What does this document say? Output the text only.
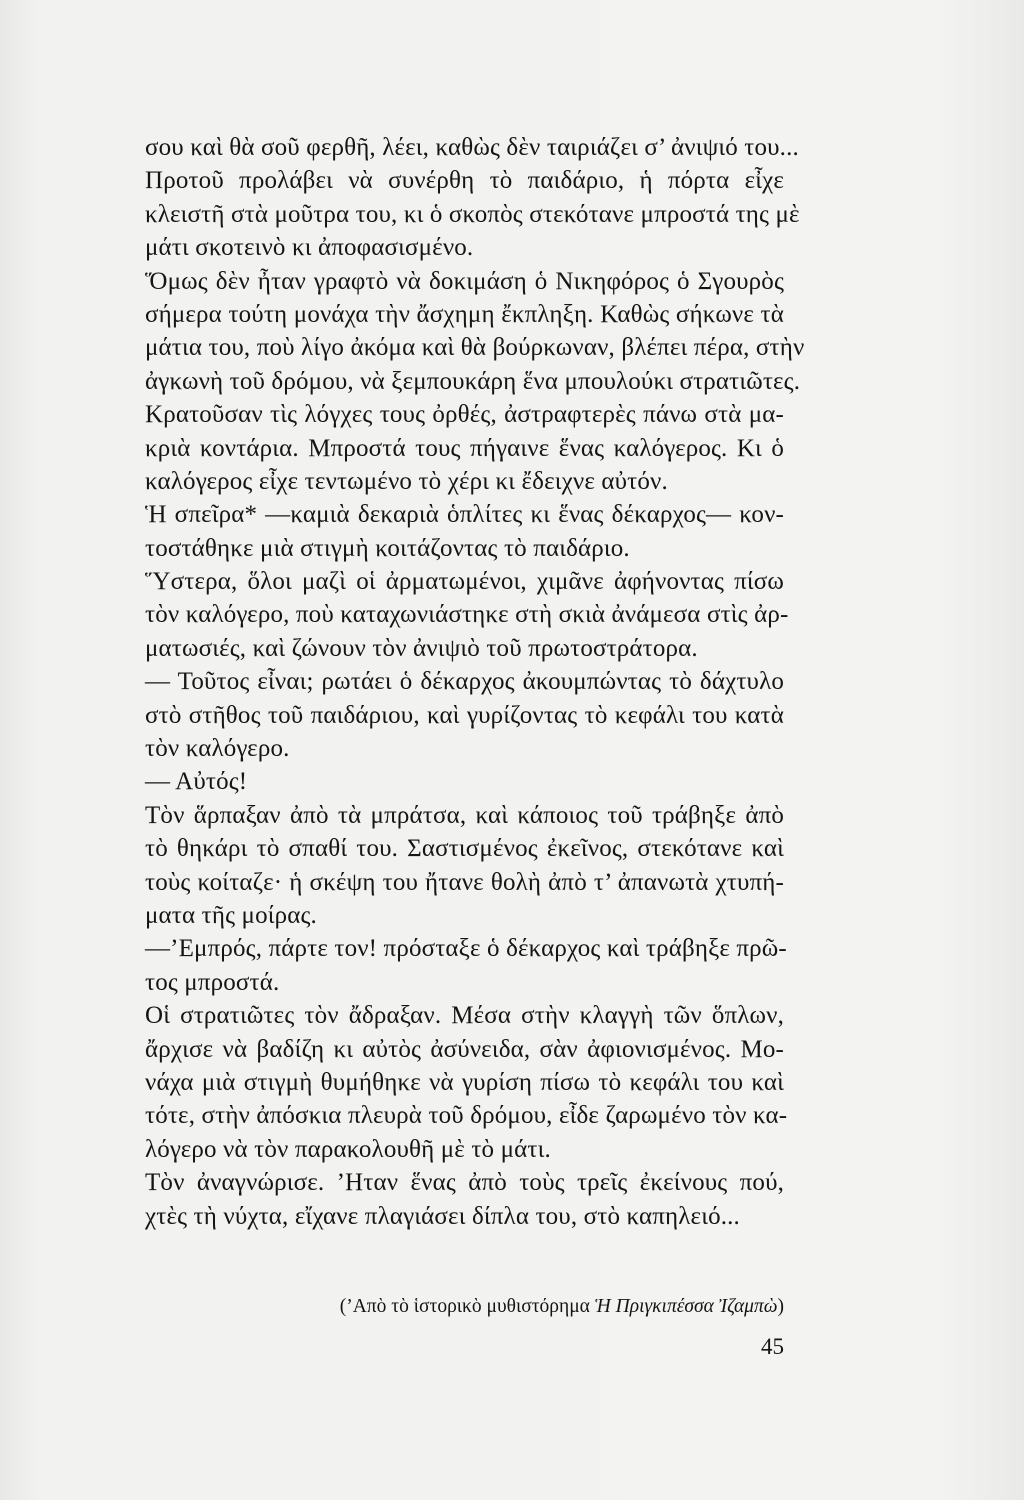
σου καὶ θὰ σοῦ φερθῆ, λέει, καθὼς δὲν ταιριάζει σ’ ἀνιψιό του...
Προτοῦ προλάβει νὰ συνέρθη τὸ παιδάριο, ἡ πόρτα εἶχε
κλειστῆ στὰ μοῦτρα του, κι ὁ σκοπὸς στεκότανε μπροστά της μὲ
μάτι σκοτεινὸ κι ἀποφασισμένο.
Ὅμως δὲν ἦταν γραφτὸ νὰ δοκιμάση ὁ Νικηφόρος ὁ Σγουρὸς
σήμερα τούτη μονάχα τὴν ἄσχημη ἔκπληξη. Καθὼς σήκωνε τὰ
μάτια του, ποὺ λίγο ἀκόμα καὶ θὰ βούρκωναν, βλέπει πέρα, στὴν
ἀγκωνὴ τοῦ δρόμου, νὰ ξεμπουκάρη ἕνα μπουλούκι στρατιῶτες.
Κρατοῦσαν τὶς λόγχες τους ὀρθές, ἀστραφτερὲς πάνω στὰ μα-
κριὰ κοντάρια. Μπροστά τους πήγαινε ἕνας καλόγερος. Κι ὁ
καλόγερος εἶχε τεντωμένο τὸ χέρι κι ἔδειχνε αὐτόν.
Ἡ σπεῖρα* —καμιὰ δεκαριὰ ὁπλίτες κι ἕνας δέκαρχος— κον-
τοστάθηκε μιὰ στιγμὴ κοιτάζοντας τὸ παιδάριο.
Ὕστερα, ὅλοι μαζὶ οἱ ἀρματωμένοι, χιμᾶνε ἀφήνοντας πίσω
τὸν καλόγερο, ποὺ καταχωνιάστηκε στὴ σκιὰ ἀνάμεσα στὶς ἀρ-
ματωσιές, καὶ ζώνουν τὸν ἀνιψιὸ τοῦ πρωτοστράτορα.
— Τοῦτος εἶναι; ρωτάει ὁ δέκαρχος ἀκουμπώντας τὸ δάχτυλο
στὸ στῆθος τοῦ παιδάριου, καὶ γυρίζοντας τὸ κεφάλι του κατὰ
τὸν καλόγερο.
— Αὐτός!
Τὸν ἅρπαξαν ἀπὸ τὰ μπράτσα, καὶ κάποιος τοῦ τράβηξε ἀπὸ
τὸ θηκάρι τὸ σπαθί του. Σαστισμένος ἐκεῖνος, στεκότανε καὶ
τοὺς κοίταζε· ἡ σκέψη του ἤτανε θολὴ ἀπὸ τ’ ἀπανωτὰ χτυπή-
ματα τῆς μοίρας.
—’Εμπρός, πάρτε τον! πρόσταξε ὁ δέκαρχος καὶ τράβηξε πρῶ-
τος μπροστά.
Οἱ στρατιῶτες τὸν ἄδραξαν. Μέσα στὴν κλαγγὴ τῶν ὅπλων,
ἄρχισε νὰ βαδίζη κι αὐτὸς ἀσύνειδα, σὰν ἀφιονισμένος. Μο-
νάχα μιὰ στιγμὴ θυμήθηκε νὰ γυρίση πίσω τὸ κεφάλι του καὶ
τότε, στὴν ἀπόσκια πλευρὰ τοῦ δρόμου, εἶδε ζαρωμένο τὸν κα-
λόγερο νὰ τὸν παρακολουθῆ μὲ τὸ μάτι.
Τὸν ἀναγνώρισε. ’Ηταν ἕνας ἀπὸ τοὺς τρεῖς ἐκείνους πού,
χτὲς τὴ νύχτα, εἴχανε πλαγιάσει δίπλα του, στὸ καπηλειό...
(’Απὸ τὸ ἱστορικὸ μυθιστόρημα Ἡ Πριγκιπέσσα Ἰζαμπὼ)
45
